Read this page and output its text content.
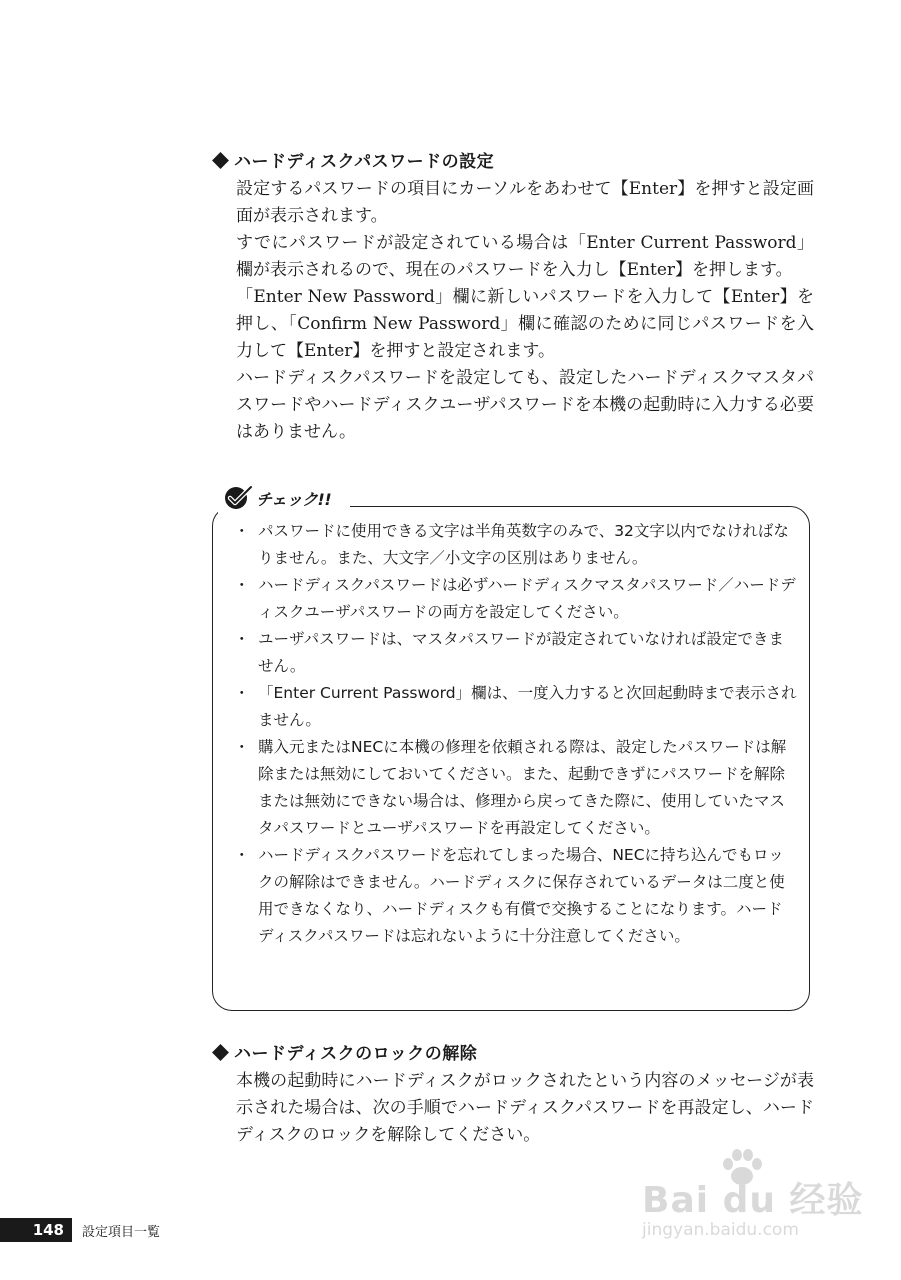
ハードディスクパスワードの設定

設定するパスワードの項目にカーソルをあわせて【Enter】を押すと設定画面が表示されます。

すでにパスワードが設定されている場合は「Enter Current Password」欄が表示されるので、現在のパスワードを入力し【Enter】を押します。

「Enter New Password」欄に新しいパスワードを入力して【Enter】を押し、「Confirm New Password」欄に確認のために同じパスワードを入力して【Enter】を押すと設定されます。

ハードディスクパスワードを設定しても、設定したハードディスクマスタパスワードやハードディスクユーザパスワードを本機の起動時に入力する必要はありません。

チェック!!
・ パスワードに使用できる文字は半角英数字のみで、32文字以内でなければなりません。また、大文字／小文字の区別はありません。
・ ハードディスクパスワードは必ずハードディスクマスタパスワード／ハードディスクユーザパスワードの両方を設定してください。
・ ユーザパスワードは、マスタパスワードが設定されていなければ設定できません。
・ 「Enter Current Password」欄は、一度入力すると次回起動時まで表示されません。
・ 購入元またはNECに本機の修理を依頼される際は、設定したパスワードは解除または無効にしておいてください。また、起動できずにパスワードを解除または無効にできない場合は、修理から戻ってきた際に、使用していたマスタパスワードとユーザパスワードを再設定してください。
・ ハードディスクパスワードを忘れてしまった場合、NECに持ち込んでもロックの解除はできません。ハードディスクに保存されているデータは二度と使用できなくなり、ハードディスクも有償で交換することになります。ハードディスクパスワードは忘れないように十分注意してください。
ハードディスクのロックの解除

本機の起動時にハードディスクがロックされたという内容のメッセージが表示された場合は、次の手順でハードディスクパスワードを再設定し、ハードディスクのロックを解除してください。

148	設定項目一覧
Bai du 经验
jingyan.baidu.com
